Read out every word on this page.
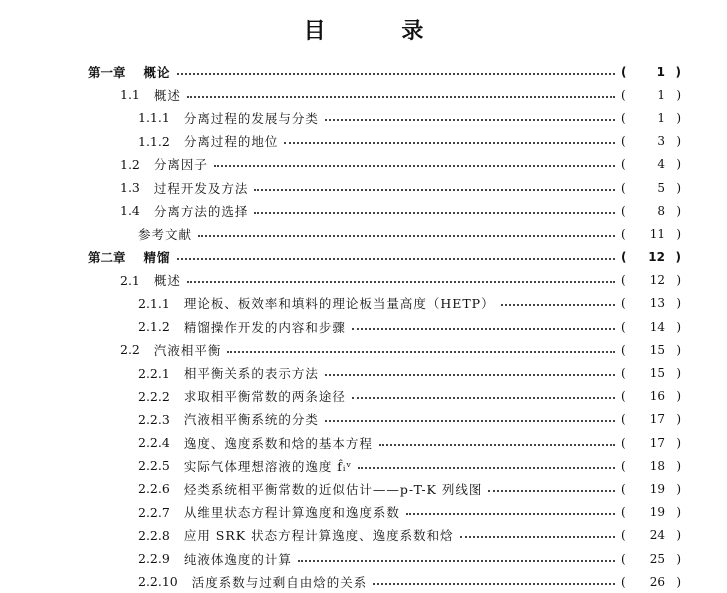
目 录
第一章 概论	(	1 )
1.1 概述	(	1 )
1.1.1 分离过程的发展与分类	(	1 )
1.1.2 分离过程的地位	(	3 )
1.2 分离因子	(	4 )
1.3 过程开发及方法	(	5 )
1.4 分离方法的选择	(	8 )
参考文献	(	11 )
第二章 精馏	(	12 )
2.1 概述	(	12 )
2.1.1 理论板、板效率和填料的理论板当量高度（HETP）	(	13 )
2.1.2 精馏操作开发的内容和步骤	(	14 )
2.2 汽液相平衡	(	15 )
2.2.1 相平衡关系的表示方法	(	15 )
2.2.2 求取相平衡常数的两条途径	(	16 )
2.2.3 汽液相平衡系统的分类	(	17 )
2.2.4 逸度、逸度系数和焓的基本方程	(	17 )
2.2.5 实际气体理想溶液的逸度 f̂ᵢᵛ	(	18 )
2.2.6 烃类系统相平衡常数的近似估计——p-T-K 列线图	(	19 )
2.2.7 从维里状态方程计算逸度和逸度系数	(	19 )
2.2.8 应用 SRK 状态方程计算逸度、逸度系数和焓	(	24 )
2.2.9 纯液体逸度的计算	(	25 )
2.2.10 活度系数与过剩自由焓的关系	(	26 )
